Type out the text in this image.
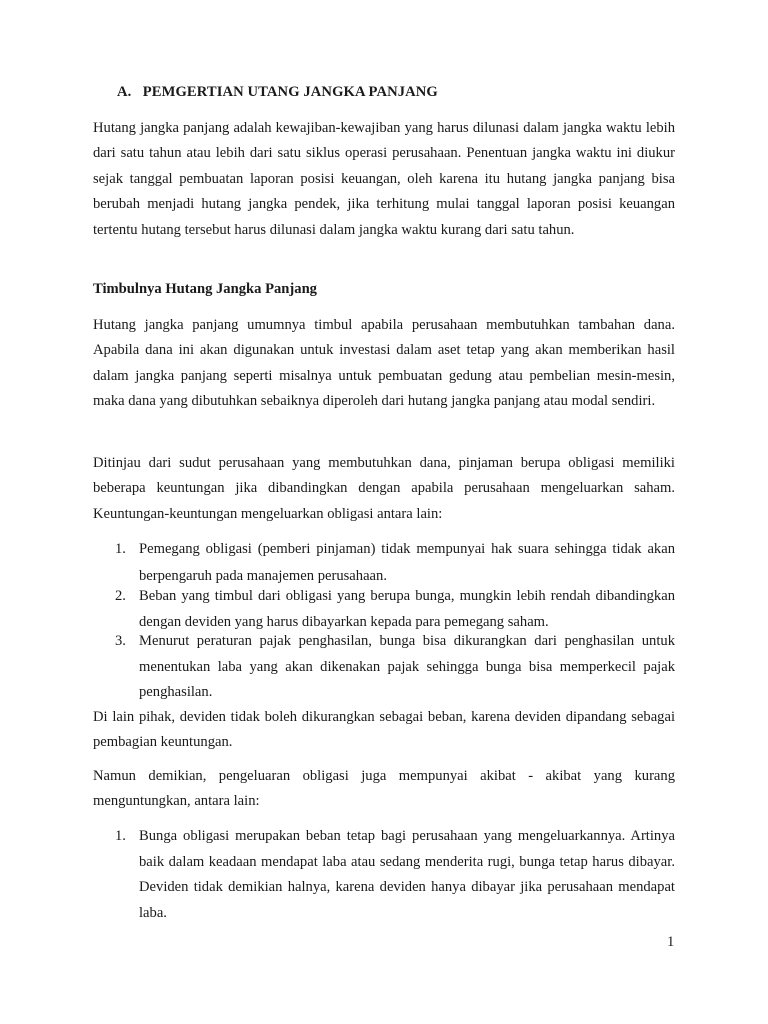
A. PEMGERTIAN UTANG JANGKA PANJANG

Hutang jangka panjang adalah kewajiban-kewajiban yang harus dilunasi dalam jangka waktu lebih dari satu tahun atau lebih dari satu siklus operasi perusahaan. Penentuan jangka waktu ini diukur sejak tanggal pembuatan laporan posisi keuangan, oleh karena itu hutang jangka panjang bisa berubah menjadi hutang jangka pendek, jika terhitung mulai tanggal laporan posisi keuangan tertentu hutang tersebut harus dilunasi dalam jangka waktu kurang dari satu tahun.

Timbulnya Hutang Jangka Panjang

Hutang jangka panjang umumnya timbul apabila perusahaan membutuhkan tambahan dana. Apabila dana ini akan digunakan untuk investasi dalam aset tetap yang akan memberikan hasil dalam jangka panjang seperti misalnya untuk pembuatan gedung atau pembelian mesin-mesin, maka dana yang dibutuhkan sebaiknya diperoleh dari hutang jangka panjang atau modal sendiri.

Ditinjau dari sudut perusahaan yang membutuhkan dana, pinjaman berupa obligasi memiliki beberapa keuntungan jika dibandingkan dengan apabila perusahaan mengeluarkan saham. Keuntungan-keuntungan mengeluarkan obligasi antara lain:

1. Pemegang obligasi (pemberi pinjaman) tidak mempunyai hak suara sehingga tidak akan berpengaruh pada manajemen perusahaan.
2. Beban yang timbul dari obligasi yang berupa bunga, mungkin lebih rendah dibandingkan dengan deviden yang harus dibayarkan kepada para pemegang saham.
3. Menurut peraturan pajak penghasilan, bunga bisa dikurangkan dari penghasilan untuk menentukan laba yang akan dikenakan pajak sehingga bunga bisa memperkecil pajak penghasilan.

Di lain pihak, deviden tidak boleh dikurangkan sebagai beban, karena deviden dipandang sebagai pembagian keuntungan.

Namun demikian, pengeluaran obligasi juga mempunyai akibat - akibat yang kurang menguntungkan, antara lain:

1. Bunga obligasi merupakan beban tetap bagi perusahaan yang mengeluarkannya. Artinya baik dalam keadaan mendapat laba atau sedang menderita rugi, bunga tetap harus dibayar. Deviden tidak demikian halnya, karena deviden hanya dibayar jika perusahaan mendapat laba.
1
